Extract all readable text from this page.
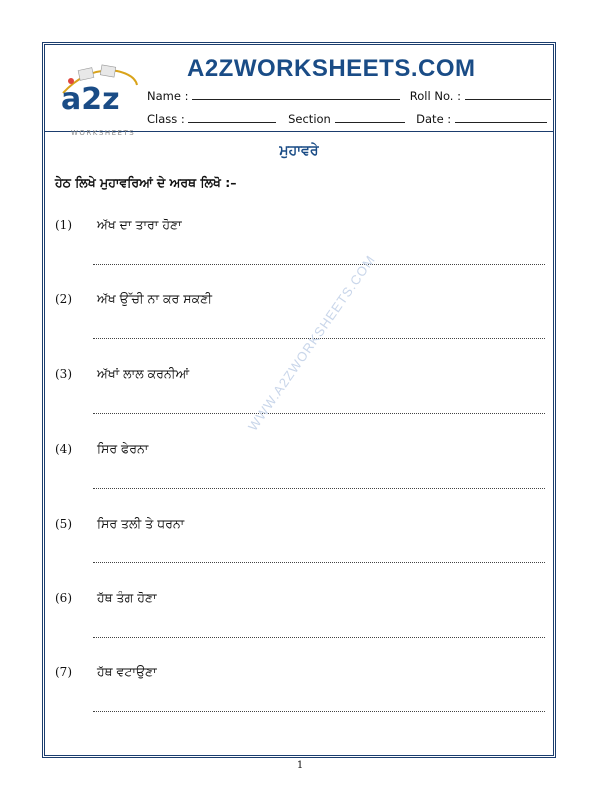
a2z
WORKSHEETS
A2ZWORKSHEETS.COM
Name :	Roll No. :
Class :	Section	Date :
ਮੁਹਾਵਰੇ
ਹੇਠ ਲਿਖੇ ਮੁਹਾਵਰਿਆਂ ਦੇ ਅਰਥ ਲਿਖੋ :–
(1) ਅੱਖ ਦਾ ਤਾਰਾ ਹੋਣਾ
(2) ਅੱਖ ਉੱਚੀ ਨਾ ਕਰ ਸਕਣੀ
(3) ਅੱਖਾਂ ਲਾਲ ਕਰਨੀਆਂ
(4) ਸਿਰ ਫੇਰਨਾ
(5) ਸਿਰ ਤਲੀ ਤੇ ਧਰਨਾ
(6) ਹੱਥ ਤੰਗ ਹੋਣਾ
(7) ਹੱਥ ਵਟਾਉਣਾ
WWW.A2ZWORKSHEETS.COM
1
